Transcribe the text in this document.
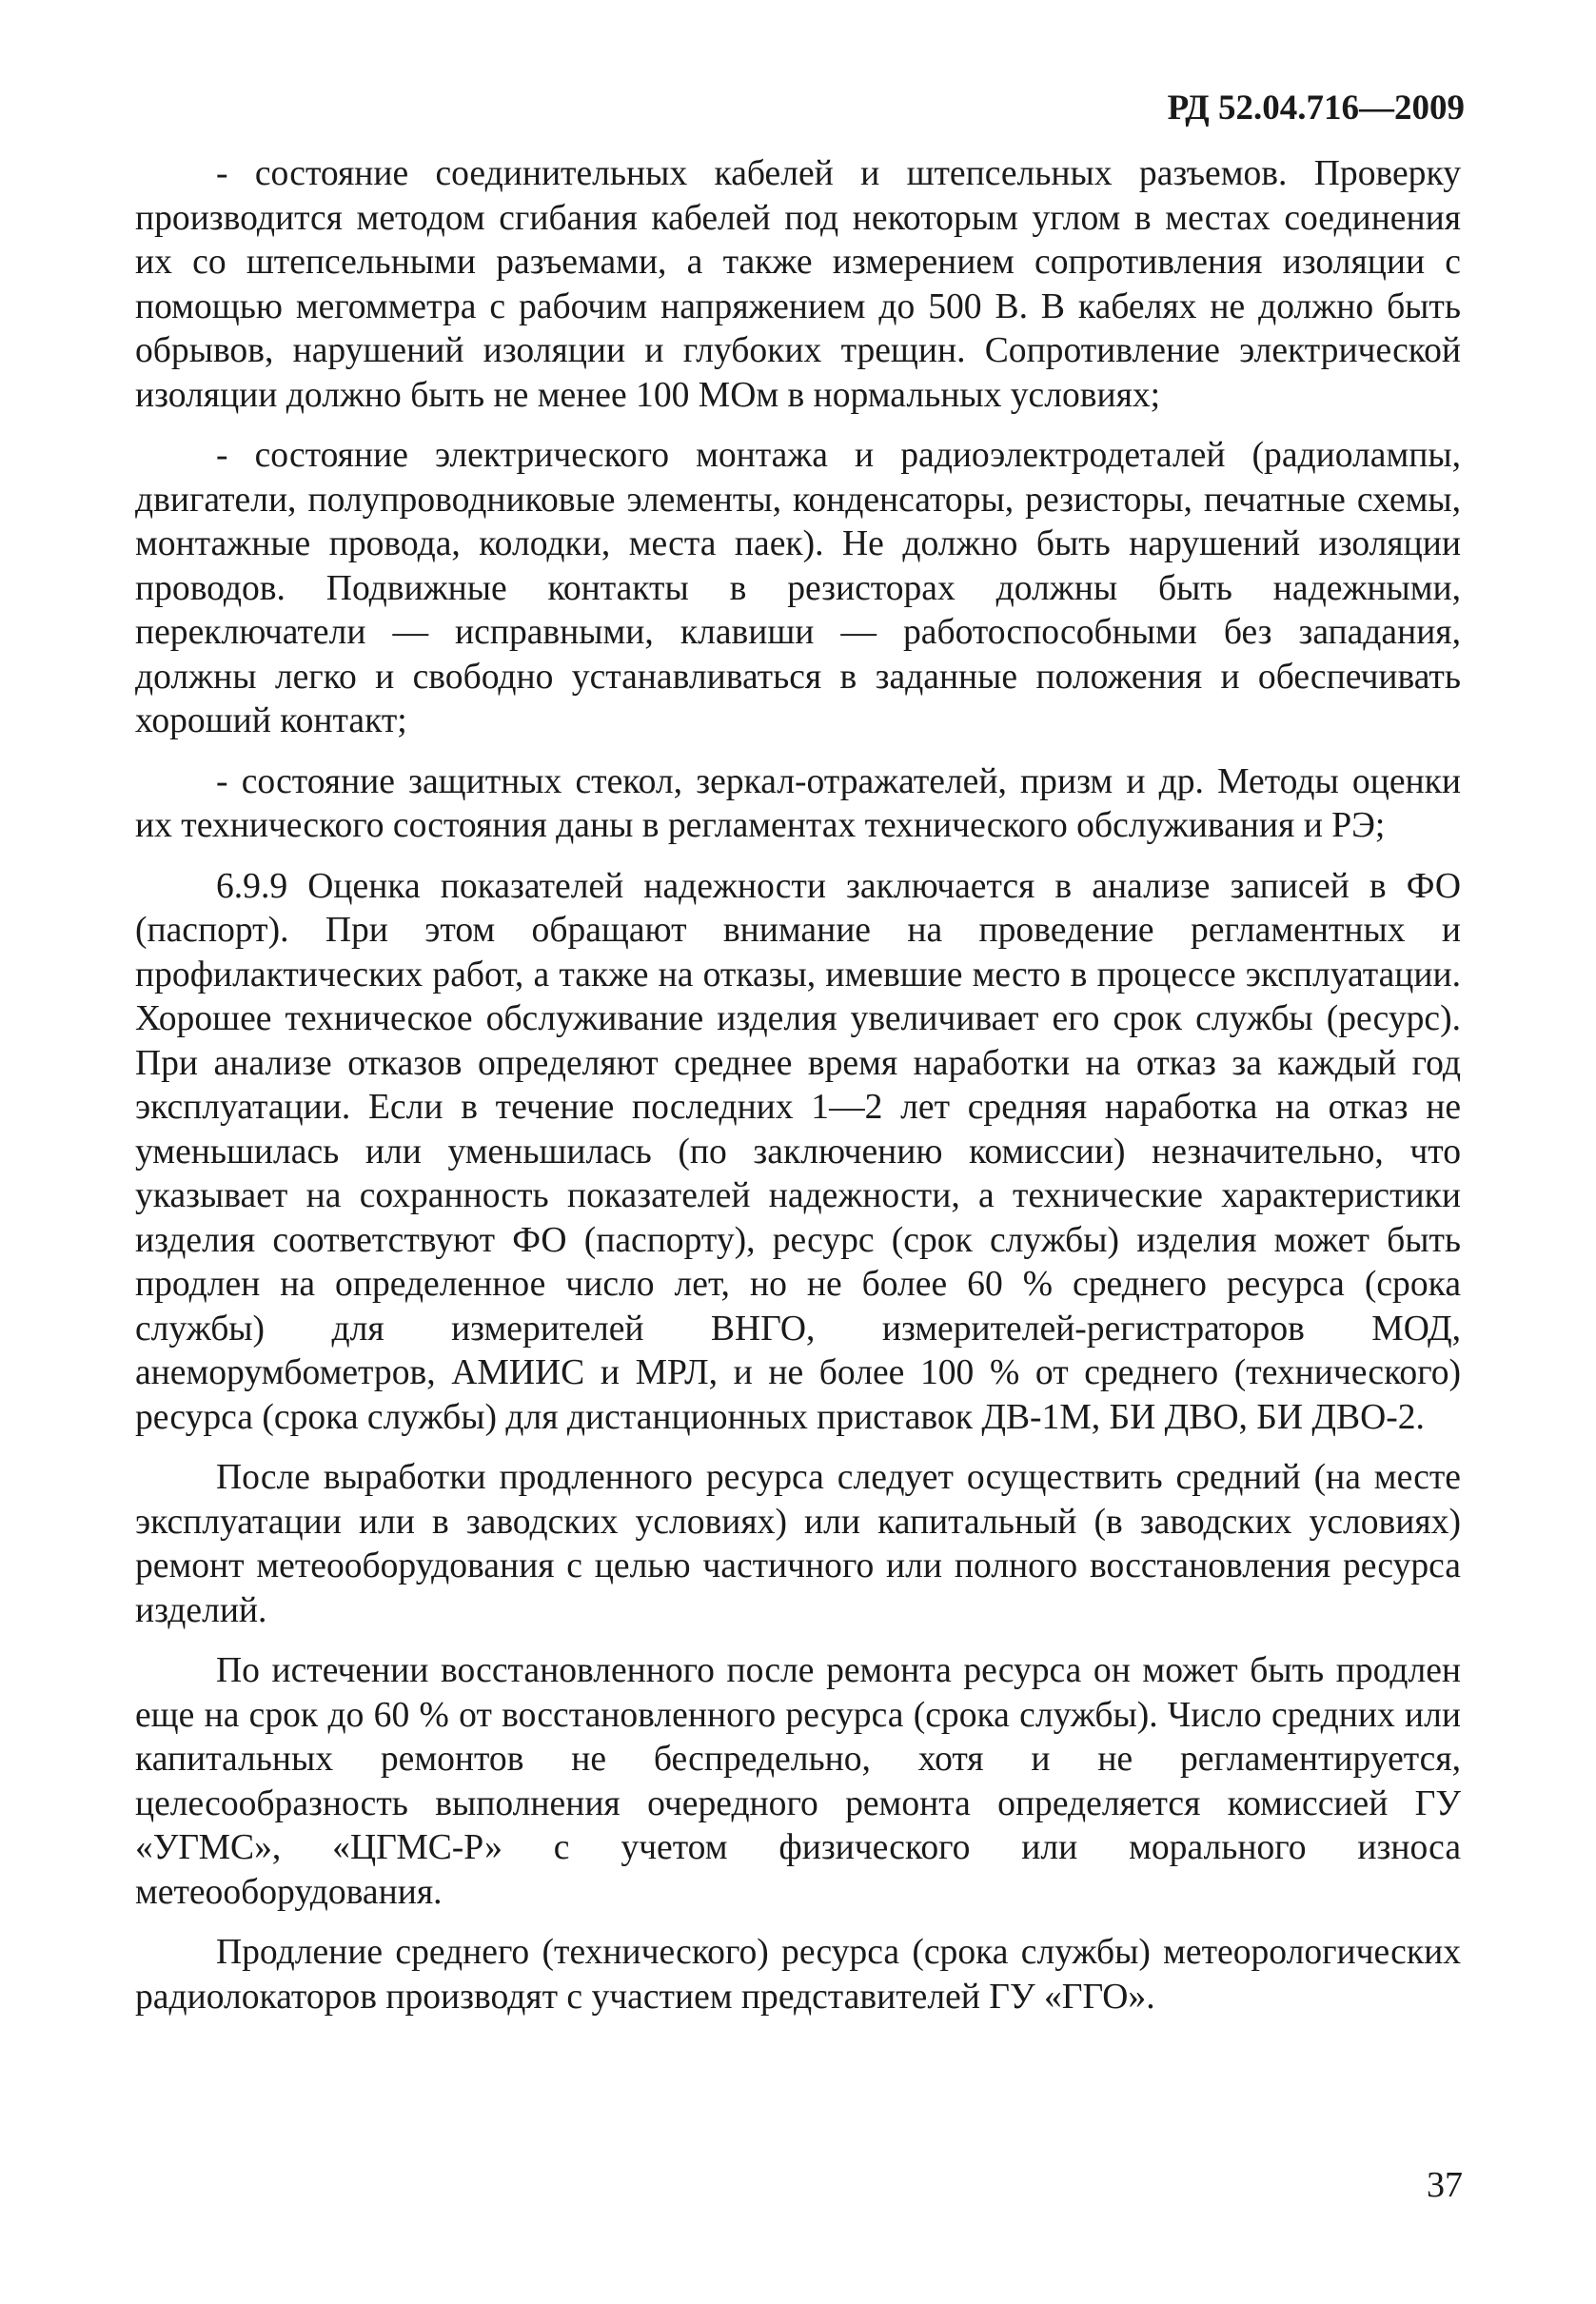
РД 52.04.716—2009

- состояние соединительных кабелей и штепсельных разъемов. Проверку производится методом сгибания кабелей под некоторым углом в местах соединения их со штепсельными разъемами, а также измерением сопротивления изоляции с помощью мегомметра с рабочим напряжением до 500 В. В кабелях не должно быть обрывов, нарушений изоляции и глубоких трещин. Сопротивление электрической изоляции должно быть не менее 100 МОм в нормальных условиях;

- состояние электрического монтажа и радиоэлектродеталей (радиолампы, двигатели, полупроводниковые элементы, конденсаторы, резисторы, печатные схемы, монтажные провода, колодки, места паек). Не должно быть нарушений изоляции проводов. Подвижные контакты в резисторах должны быть надежными, переключатели — исправными, клавиши — работоспособными без западания, должны легко и свободно устанавливаться в заданные положения и обеспечивать хороший контакт;

- состояние защитных стекол, зеркал-отражателей, призм и др. Методы оценки их технического состояния даны в регламентах технического обслуживания и РЭ;

6.9.9 Оценка показателей надежности заключается в анализе записей в ФО (паспорт). При этом обращают внимание на проведение регламентных и профилактических работ, а также на отказы, имевшие место в процессе эксплуатации. Хорошее техническое обслуживание изделия увеличивает его срок службы (ресурс). При анализе отказов определяют среднее время наработки на отказ за каждый год эксплуатации. Если в течение последних 1—2 лет средняя наработка на отказ не уменьшилась или уменьшилась (по заключению комиссии) незначительно, что указывает на сохранность показателей надежности, а технические характеристики изделия соответствуют ФО (паспорту), ресурс (срок службы) изделия может быть продлен на определенное число лет, но не более 60 % среднего ресурса (срока службы) для измерителей ВНГО, измерителей-регистраторов МОД, анеморумбометров, АМИИС и МРЛ, и не более 100 % от среднего (технического) ресурса (срока службы) для дистанционных приставок ДВ-1М, БИ ДВО, БИ ДВО-2.

После выработки продленного ресурса следует осуществить средний (на месте эксплуатации или в заводских условиях) или капитальный (в заводских условиях) ремонт метеооборудования с целью частичного или полного восстановления ресурса изделий.

По истечении восстановленного после ремонта ресурса он может быть продлен еще на срок до 60 % от восстановленного ресурса (срока службы). Число средних или капитальных ремонтов не беспредельно, хотя и не регламентируется, целесообразность выполнения очередного ремонта определяется комиссией ГУ «УГМС», «ЦГМС-Р» с учетом физического или морального износа метеооборудования.

Продление среднего (технического) ресурса (срока службы) метеорологических радиолокаторов производят с участием представителей ГУ «ГГО».

37
